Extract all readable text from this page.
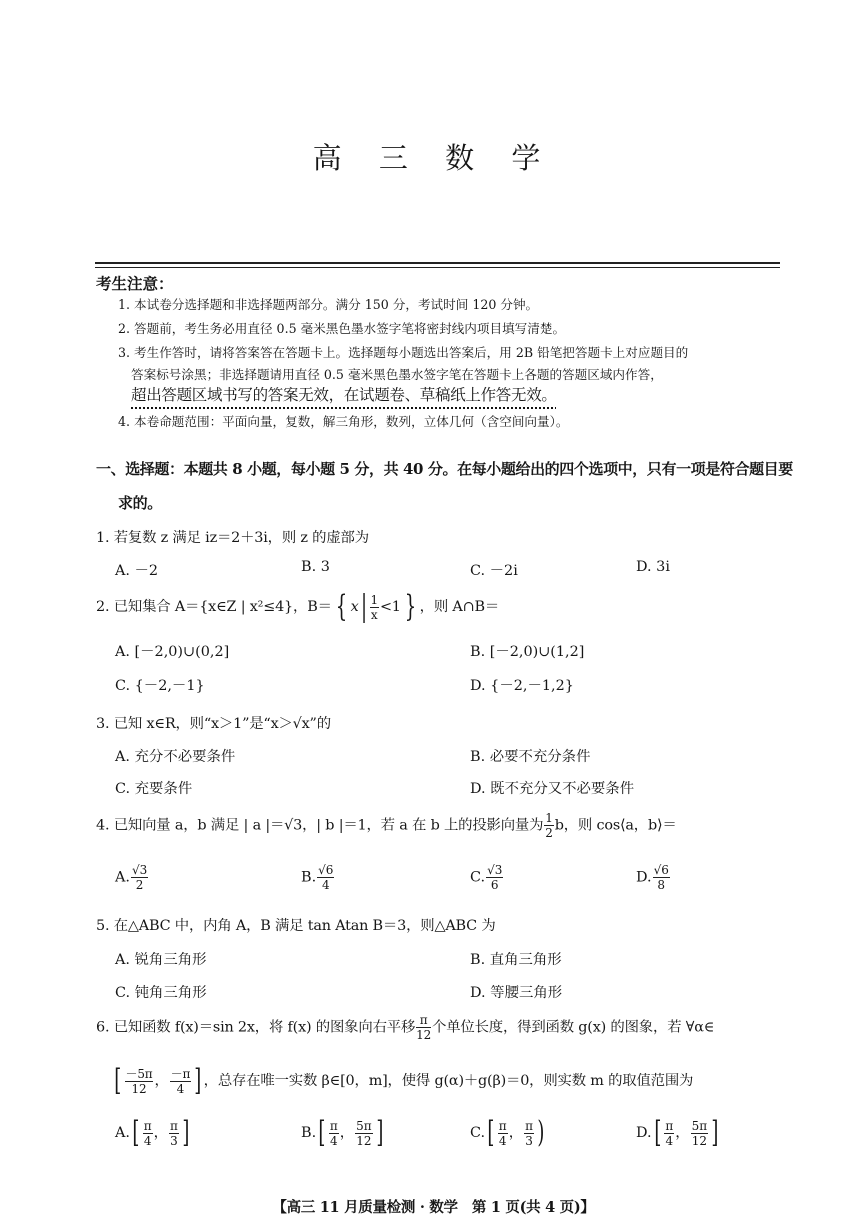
高 三 数 学
考生注意：
1. 本试卷分选择题和非选择题两部分。满分 150 分，考试时间 120 分钟。
2. 答题前，考生务必用直径 0.5 毫米黑色墨水签字笔将密封线内项目填写清楚。
3. 考生作答时，请将答案答在答题卡上。选择题每小题选出答案后，用 2B 铅笔把答题卡上对应题目的
答案标号涂黑；非选择题请用直径 0.5 毫米黑色墨水签字笔在答题卡上各题的答题区域内作答，
超出答题区域书写的答案无效，在试题卷、草稿纸上作答无效。
4. 本卷命题范围：平面向量，复数，解三角形，数列，立体几何（含空间向量）。
一、选择题：本题共 8 小题，每小题 5 分，共 40 分。在每小题给出的四个选项中，只有一项是符合题目要
求的。
1. 若复数 z 满足 iz＝2＋3i，则 z 的虚部为
A. －2	B. 3	C. －2i	D. 3i
2. 已知集合 A＝{x∈Z | x²≤4}，B＝ { $x| \frac{1}{x} <1$ } ，则 A∩B＝
A. [－2,0)∪(0,2]	B. [－2,0)∪(1,2]
C. {－2,－1}	D. {－2,－1,2}
3. 已知 x∈R，则“x＞1”是“x＞√x”的
A. 充分不必要条件	B. 必要不充分条件
C. 充要条件	D. 既不充分又不必要条件
4. 已知向量 a，b 满足 | a |＝√3，| b |＝1，若 a 在 b 上的投影向量为 $\frac{1}{2}$ b，则 cos⟨a，b⟩＝
A. $\frac{√3}{2}$	B. $\frac{√6}{4}$	C. $\frac{√3}{6}$	D. $\frac{√6}{8}$
5. 在△ABC 中，内角 A，B 满足 tan Atan B＝3，则△ABC 为
A. 锐角三角形	B. 直角三角形
C. 钝角三角形	D. 等腰三角形
6. 已知函数 f(x)＝sin 2x，将 f(x) 的图象向右平移 $\frac{\pi}{12}$ 个单位长度，得到函数 g(x) 的图象，若 ∀α∈
[ $\frac{-5\pi}{12}$ ， $\frac{-\pi}{4}$ ] ，总存在唯一实数 β∈[0，m]，使得 g(α)＋g(β)＝0，则实数 m 的取值范围为
$A.[ \frac{\pi}{4}$ ， $\frac{\pi}{3}$ ]	$B.[ \frac{\pi}{4}$ ， $\frac{5\pi}{12}$ ]	$C.[ \frac{\pi}{4}$ ， $\frac{\pi}{3}$ )	$D.[ \frac{\pi}{4}$ ， $\frac{5\pi}{12}$ ]
【高三 11 月质量检测 · 数学　第 1 页(共 4 页)】
